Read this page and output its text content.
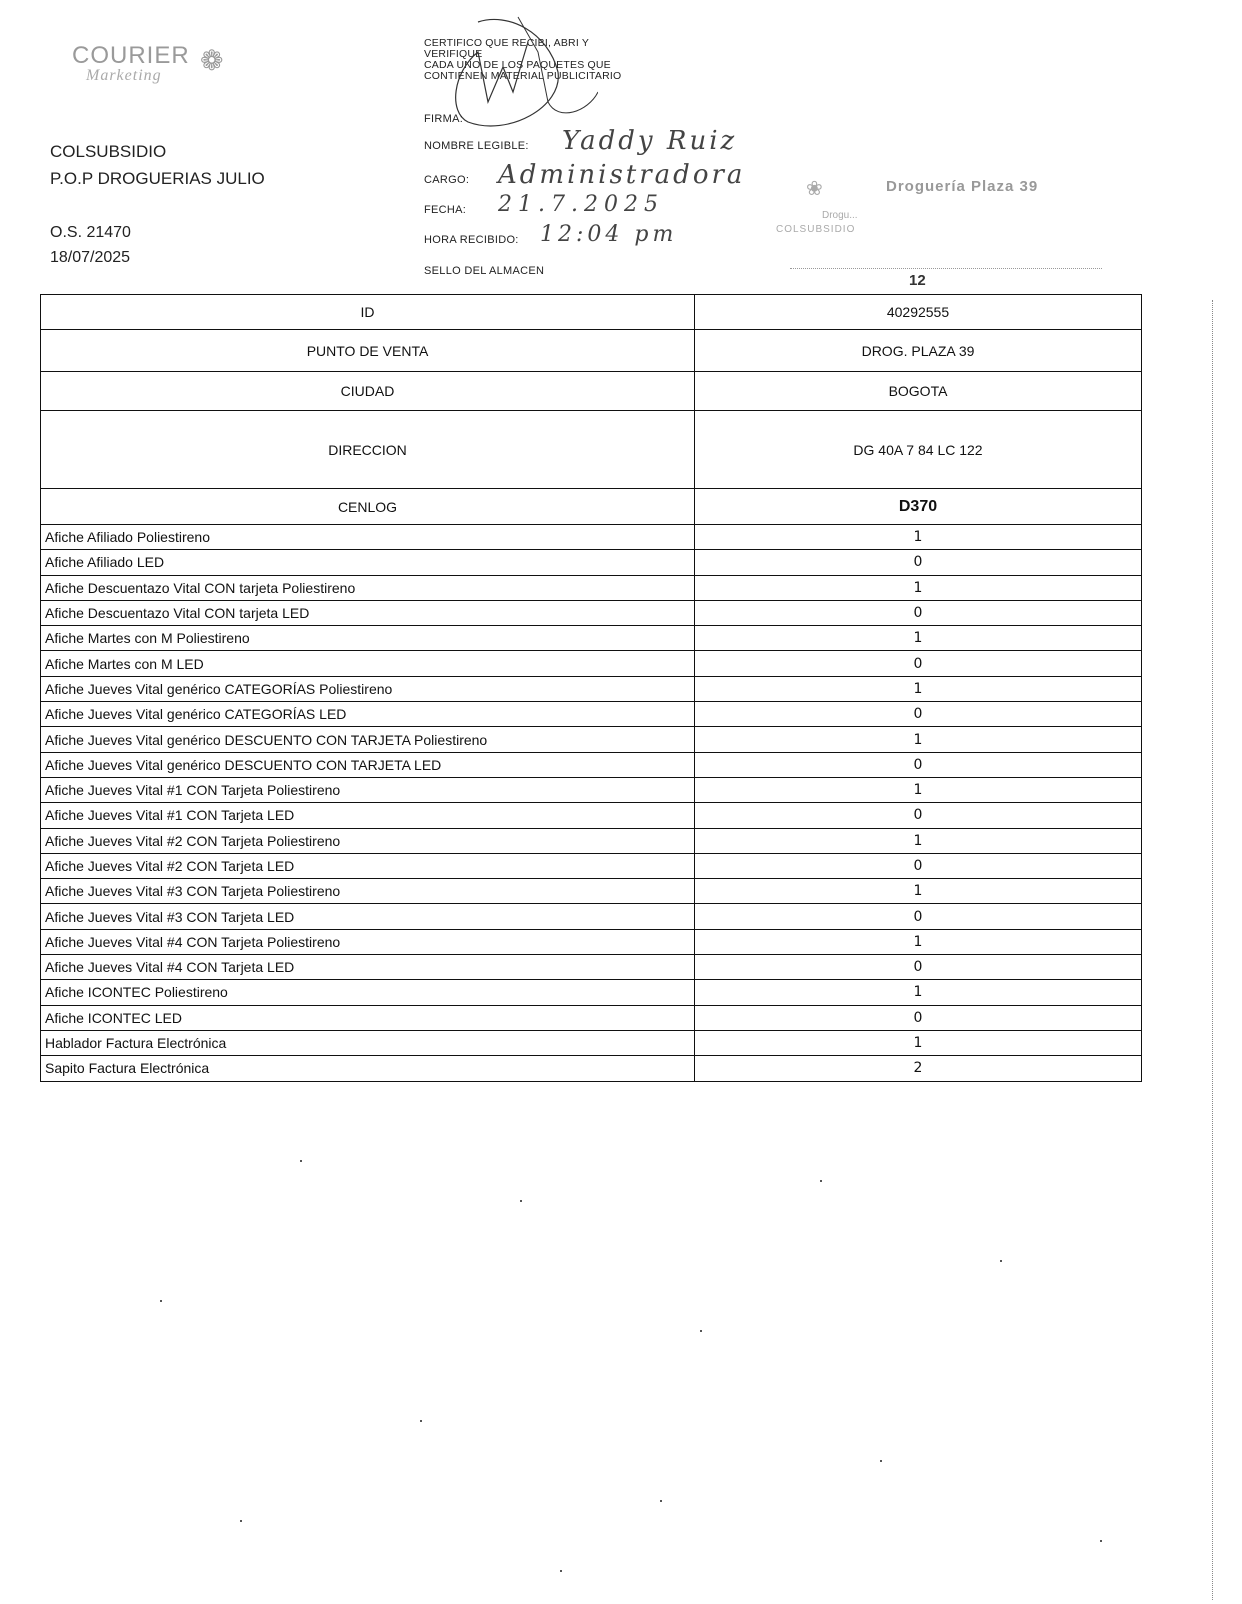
COURIER
Marketing	❁
COLSUBSIDIO
P.O.P DROGUERIAS JULIO
O.S. 21470
18/07/2025
CERTIFICO QUE RECIBI, ABRI Y
VERIFIQUE
CADA UNO DE LOS PAQUETES QUE
CONTIENEN MATERIAL PUBLICITARIO
FIRMA:
NOMBRE LEGIBLE: Yaddy Ruiz
CARGO: Administradora
FECHA: 21.7.2025
HORA RECIBIDO: 12:04 pm
SELLO DEL ALMACEN
❀	Droguería Plaza 39
Drogu...
COLSUBSIDIO
12
ID	40292555
PUNTO DE VENTA	DROG. PLAZA 39
CIUDAD	BOGOTA
DIRECCION	DG 40A 7 84 LC 122
CENLOG	D370
Afiche Afiliado Poliestireno	1
Afiche Afiliado LED	0
Afiche Descuentazo Vital CON tarjeta Poliestireno	1
Afiche Descuentazo Vital CON tarjeta LED	0
Afiche Martes con M Poliestireno	1
Afiche Martes con M LED	0
Afiche Jueves Vital genérico CATEGORÍAS Poliestireno	1
Afiche Jueves Vital genérico CATEGORÍAS LED	0
Afiche Jueves Vital genérico DESCUENTO CON TARJETA Poliestireno	1
Afiche Jueves Vital genérico DESCUENTO CON TARJETA LED	0
Afiche Jueves Vital #1 CON Tarjeta Poliestireno	1
Afiche Jueves Vital #1 CON Tarjeta LED	0
Afiche Jueves Vital #2 CON Tarjeta Poliestireno	1
Afiche Jueves Vital #2 CON Tarjeta LED	0
Afiche Jueves Vital #3 CON Tarjeta Poliestireno	1
Afiche Jueves Vital #3 CON Tarjeta LED	0
Afiche Jueves Vital #4 CON Tarjeta Poliestireno	1
Afiche Jueves Vital #4 CON Tarjeta LED	0
Afiche ICONTEC Poliestireno	1
Afiche ICONTEC LED	0
Hablador Factura Electrónica	1
Sapito Factura Electrónica	2
